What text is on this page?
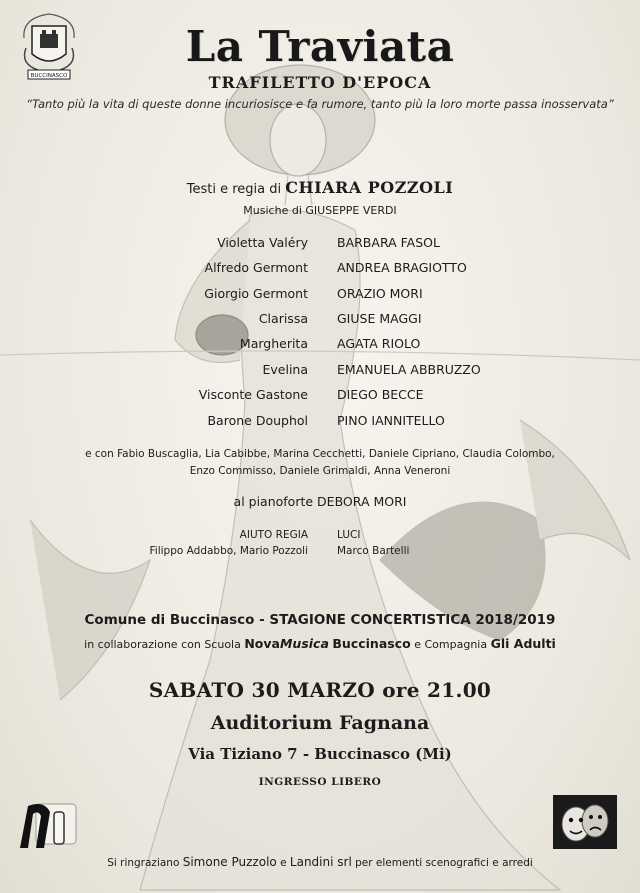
BUCCINASCO
La Traviata
TRAFILETTO D'EPOCA
“Tanto più la vita di queste donne incuriosisce e fa rumore, tanto più la loro morte passa inosservata”
Testi e regia di CHIARA POZZOLI
Musiche di GIUSEPPE VERDI
Violetta Valéry BARBARA FASOL
Alfredo Germont ANDREA BRAGIOTTO
Giorgio Germont ORAZIO MORI
Clarissa GIUSE MAGGI
Margherita AGATA RIOLO
Evelina EMANUELA ABBRUZZO
Visconte Gastone DIEGO BECCE
Barone Douphol PINO IANNITELLO
e con Fabio Buscaglia, Lia Cabibbe, Marina Cecchetti, Daniele Cipriano, Claudia Colombo,
Enzo Commisso, Daniele Grimaldi, Anna Veneroni
al pianoforte DEBORA MORI
AIUTO REGIA
Filippo Addabbo, Mario Pozzoli
LUCI
Marco Bartelli
Comune di Buccinasco - STAGIONE CONCERTISTICA 2018/2019
in collaborazione con Scuola NovaMusica Buccinasco e Compagnia Gli Adulti
SABATO 30 MARZO ore 21.00
Auditorium Fagnana
Via Tiziano 7 - Buccinasco (Mi)
INGRESSO LIBERO
Si ringraziano Simone Puzzolo e Landini srl per elementi scenografici e arredi
